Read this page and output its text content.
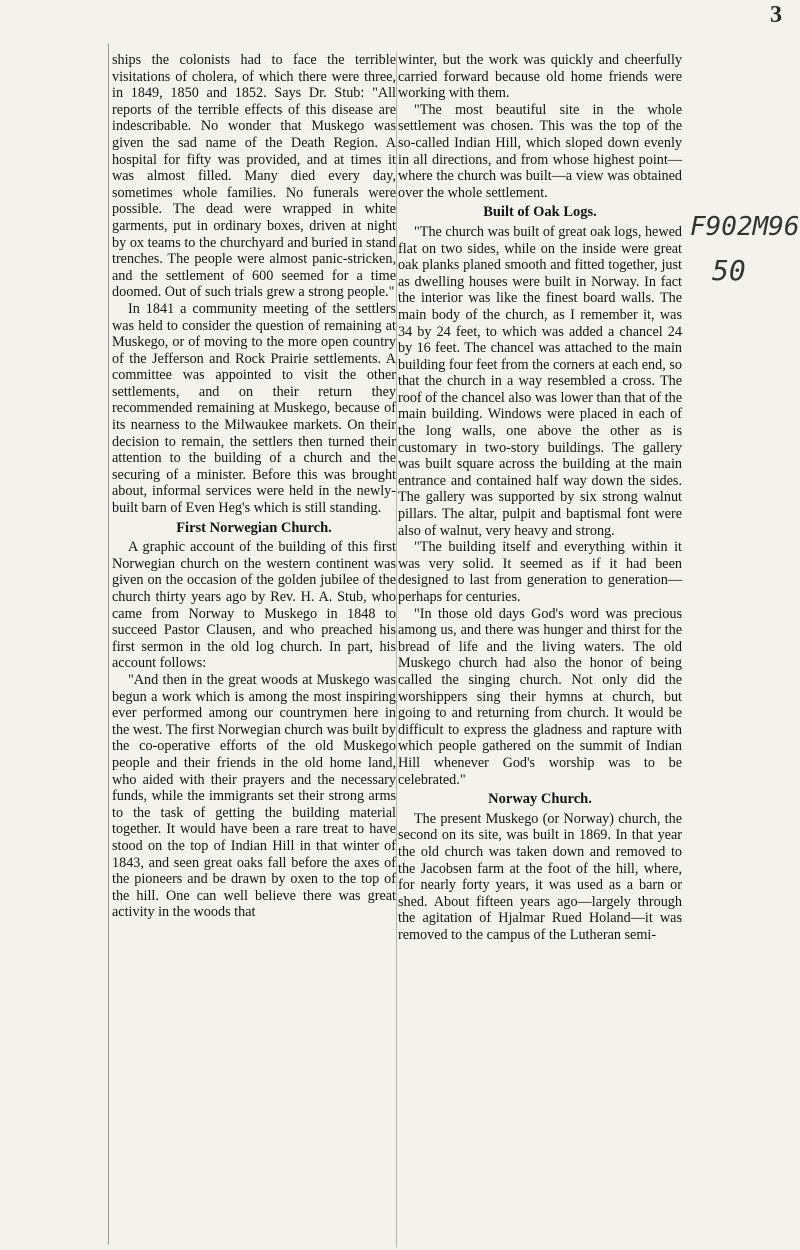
3
F902M96
50

ships the colonists had to face the terrible visitations of cholera, of which there were three, in 1849, 1850 and 1852. Says Dr. Stub: "All reports of the terrible effects of this disease are indescribable. No wonder that Muskego was given the sad name of the Death Region. A hospital for fifty was provided, and at times it was almost filled. Many died every day, sometimes whole families. No funerals were possible. The dead were wrapped in white garments, put in ordinary boxes, driven at night by ox teams to the churchyard and buried in stand trenches. The people were almost panic-stricken, and the settlement of 600 seemed for a time doomed. Out of such trials grew a strong people."

In 1841 a community meeting of the settlers was held to consider the question of remaining at Muskego, or of moving to the more open country of the Jefferson and Rock Prairie settlements. A committee was appointed to visit the other settlements, and on their return they recommended remaining at Muskego, because of its nearness to the Milwaukee markets. On their decision to remain, the settlers then turned their attention to the building of a church and the securing of a minister. Before this was brought about, informal services were held in the newly-built barn of Even Heg's which is still standing.

First Norwegian Church.

A graphic account of the building of this first Norwegian church on the western continent was given on the occasion of the golden jubilee of the church thirty years ago by Rev. H. A. Stub, who came from Norway to Muskego in 1848 to succeed Pastor Clausen, and who preached his first sermon in the old log church. In part, his account follows:

"And then in the great woods at Muskego was begun a work which is among the most inspiring ever performed among our countrymen here in the west. The first Norwegian church was built by the co-operative efforts of the old Muskego people and their friends in the old home land, who aided with their prayers and the necessary funds, while the immigrants set their strong arms to the task of getting the building material together. It would have been a rare treat to have stood on the top of Indian Hill in that winter of 1843, and seen great oaks fall before the axes of the pioneers and be drawn by oxen to the top of the hill. One can well believe there was great activity in the woods that

winter, but the work was quickly and cheerfully carried forward because old home friends were working with them.

"The most beautiful site in the whole settlement was chosen. This was the top of the so-called Indian Hill, which sloped down evenly in all directions, and from whose highest point—where the church was built—a view was obtained over the whole settlement.

Built of Oak Logs.

"The church was built of great oak logs, hewed flat on two sides, while on the inside were great oak planks planed smooth and fitted together, just as dwelling houses were built in Norway. In fact the interior was like the finest board walls. The main body of the church, as I remember it, was 34 by 24 feet, to which was added a chancel 24 by 16 feet. The chancel was attached to the main building four feet from the corners at each end, so that the church in a way resembled a cross. The roof of the chancel also was lower than that of the main building. Windows were placed in each of the long walls, one above the other as is customary in two-story buildings. The gallery was built square across the building at the main entrance and contained half way down the sides. The gallery was supported by six strong walnut pillars. The altar, pulpit and baptismal font were also of walnut, very heavy and strong.

"The building itself and everything within it was very solid. It seemed as if it had been designed to last from generation to generation—perhaps for centuries.

"In those old days God's word was precious among us, and there was hunger and thirst for the bread of life and the living waters. The old Muskego church had also the honor of being called the singing church. Not only did the worshippers sing their hymns at church, but going to and returning from church. It would be difficult to express the gladness and rapture with which people gathered on the summit of Indian Hill whenever God's worship was to be celebrated."

Norway Church.

The present Muskego (or Norway) church, the second on its site, was built in 1869. In that year the old church was taken down and removed to the Jacobsen farm at the foot of the hill, where, for nearly forty years, it was used as a barn or shed. About fifteen years ago—largely through the agitation of Hjalmar Rued Holand—it was removed to the campus of the Lutheran semi-
